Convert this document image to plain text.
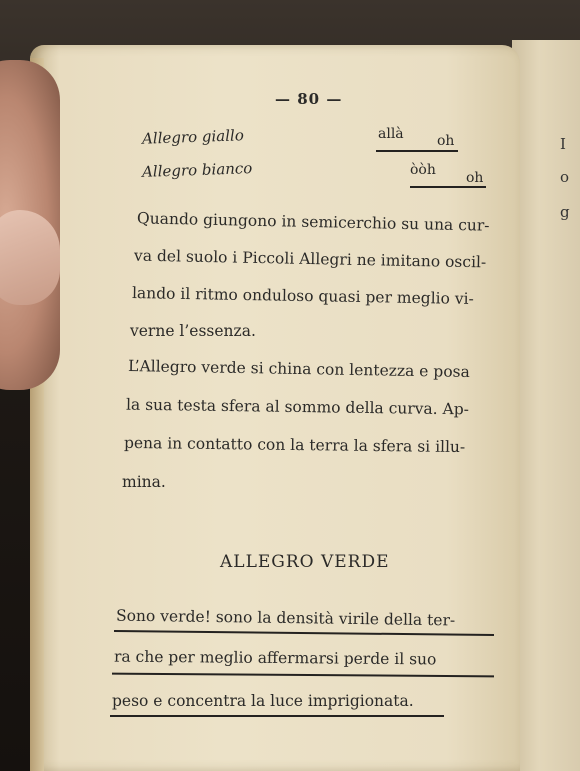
I
o
g
— 80 —
Allegro giallo	allà oh
Allegro bianco	òòh oh
Quando giungono in semicerchio su una cur-
va del suolo i Piccoli Allegri ne imitano oscil-
lando il ritmo onduloso quasi per meglio vi-
verne l’essenza.
L’Allegro verde si china con lentezza e posa
la sua testa sfera al sommo della curva. Ap-
pena in contatto con la terra la sfera si illu-
mina.
ALLEGRO VERDE
Sono verde! sono la densità virile della ter-
ra che per meglio affermarsi perde il suo
peso e concentra la luce imprigionata.
